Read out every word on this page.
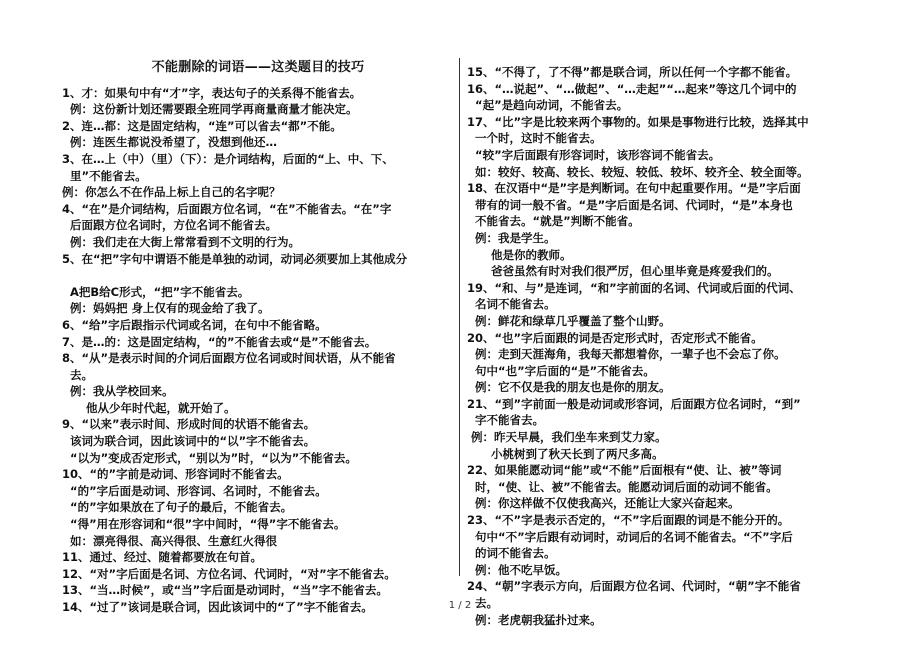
不能删除的词语——这类题目的技巧
1、才：如果句中有“才”字，表达句子的关系得不能省去。
例：这份新计划还需要跟全班同学再商量商量才能决定。
2、连…都：这是固定结构，“连”可以省去“都”不能。
例：连医生都说没希望了，没想到他还…
3、在…上（中）（里）（下）：是介词结构，后面的“上、中、下、
里”不能省去。
例：你怎么不在作品上标上自己的名字呢？
4、“在”是介词结构，后面跟方位名词，“在”不能省去。“在”字
后面跟方位名词时，方位名词不能省去。
例：我们走在大街上常常看到不文明的行为。
5、在“把”字句中谓语不能是单独的动词，动词必须要加上其他成分

A把B给C形式，“把”字不能省去。
例：妈妈把 身上仅有的现金给了我了。
6、“给”字后跟指示代词或名词，在句中不能省略。
7、是…的：这是固定结构，“的”不能省去或“是”不能省去。
8、“从”是表示时间的介词后面跟方位名词或时间状语，从不能省
去。
例：我从学校回来。
他从少年时代起，就开始了。
9、“以来”表示时间、形成时间的状语不能省去。
该词为联合词，因此该词中的“以”字不能省去。
“以为”变成否定形式，“别以为”时，“以为”不能省去。
10、“的”字前是动词、形容词时不能省去。
“的”字后面是动词、形容词、名词时，不能省去。
“的”字如果放在了句子的最后，不能省去。
“得”用在形容词和“很”字中间时，“得”字不能省去。
如：漂亮得很、高兴得很、生意红火得很
11、通过、经过、随着都要放在句首。
12、“对”字后面是名词、方位名词、代词时，“对”字不能省去。
13、“当…时候”，或“当”字后面是动词时，“当”字不能省去。
14、“过了”该词是联合词，因此该词中的“了”字不能省去。
15、“不得了，了不得”都是联合词，所以任何一个字都不能省。
16、“…说起”、“…做起”、“…走起”“…起来”等这几个词中的
“起”是趋向动词，不能省去。
17、“比”字是比较来两个事物的。如果是事物进行比较，选择其中
一个时，这时不能省去。
“较”字后面跟有形容词时，该形容词不能省去。
如：较好、较高、较长、较短、较低、较坏、较齐全、较全面等。
18、在汉语中“是”字是判断词。在句中起重要作用。“是”字后面
带有的词一般不省。“是”字后面是名词、代词时，“是”本身也
不能省去。“就是”判断不能省。
例：我是学生。
他是你的教师。
爸爸虽然有时对我们很严厉，但心里毕竟是疼爱我们的。
19、“和、与”是连词，“和”字前面的名词、代词或后面的代词、
名词不能省去。
例：鲜花和绿草几乎覆盖了整个山野。
20、“也”字后面跟的词是否定形式时，否定形式不能省。
例：走到天涯海角，我每天都想着你，一辈子也不会忘了你。
句中“也”字后面的“是”不能省去。
例：它不仅是我的朋友也是你的朋友。
21、“到”字前面一般是动词或形容词，后面跟方位名词时，“到”
字不能省去。
例：昨天早晨，我们坐车来到艾力家。
小桃树到了秋天长到了两尺多高。
22、如果能愿动词“能”或“不能”后面根有“使、让、被”等词
时，“使、让、被”不能省去。能愿动词后面的动词不能省。
例：你这样做不仅使我高兴，还能让大家兴奋起来。
23、“不”字是表示否定的，“不”字后面跟的词是不能分开的。
句中“不”字后跟有动词时，动词后的名词不能省去。“不”字后
的词不能省去。
例：他不吃早饭。
24、“朝”字表示方向，后面跟方位名词、代词时，“朝”字不能省
去。
例：老虎朝我猛扑过来。
1 / 2
